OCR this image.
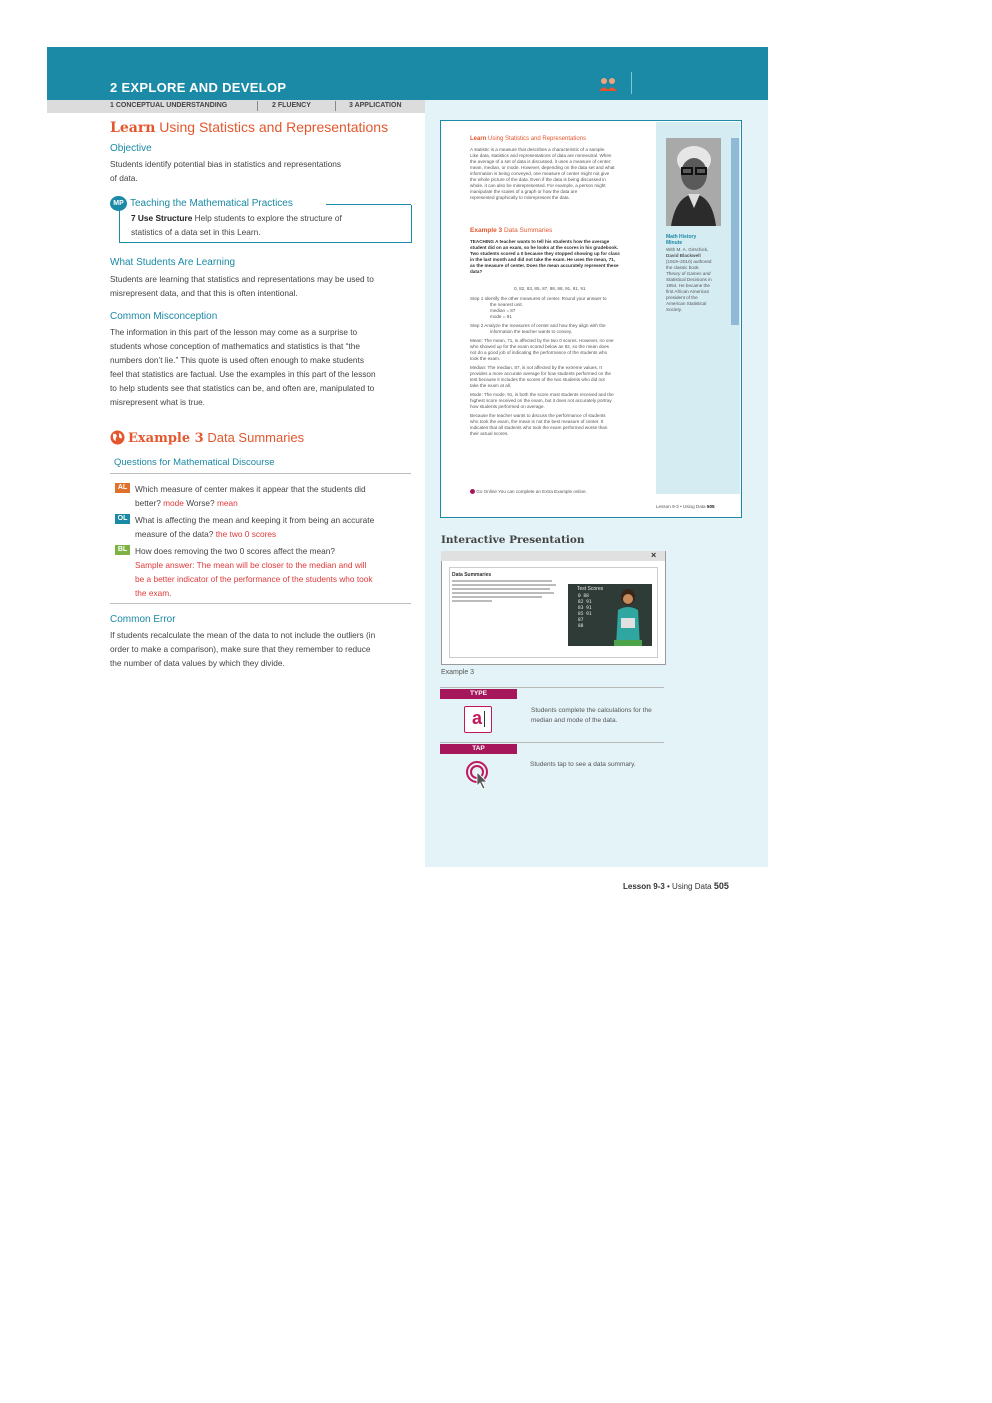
2 EXPLORE AND DEVELOP
1 CONCEPTUAL UNDERSTANDING	2 FLUENCY	3 APPLICATION
Learn Using Statistics and Representations
Objective
Students identify potential bias in statistics and representations
of data.
MP Teaching the Mathematical Practices
7 Use Structure Help students to explore the structure of
statistics of a data set in this Learn.
What Students Are Learning
Students are learning that statistics and representations may be used to
misrepresent data, and that this is often intentional.
Common Misconception
The information in this part of the lesson may come as a surprise to
students whose conception of mathematics and statistics is that “the
numbers don’t lie.” This quote is used often enough to make students
feel that statistics are factual. Use the examples in this part of the lesson
to help students see that statistics can be, and often are, manipulated to
misrepresent what is true.
Example 3 Data Summaries
Questions for Mathematical Discourse
AL Which measure of center makes it appear that the students did
better? mode Worse? mean
OL What is affecting the mean and keeping it from being an accurate
measure of the data? the two 0 scores
BL How does removing the two 0 scores affect the mean?
Sample answer: The mean will be closer to the median and will
be a better indicator of the performance of the students who took
the exam.
Common Error
If students recalculate the mean of the data to not include the outliers (in
order to make a comparison), make sure that they remember to reduce
the number of data values by which they divide.
Learn Using Statistics and Representations
A statistic is a measure that describes a characteristic of a sample.
Like data, statistics and representations of data are nonneutral. When
the average of a set of data is discussed, it uses a measure of center:
mean, median, or mode. However, depending on the data set and what
information is being conveyed, one measure of center might not give
the whole picture of the data. Even if the data is being discussed in
whole, it can also be misrepresented. For example, a person might
manipulate the scales of a graph or how the data are
represented graphically to misrepresent the data.
Example 3 Data Summaries
TEACHING A teacher wants to tell his students how the average
student did on an exam, so he looks at the scores in his gradebook.
Two students scored a 0 because they stopped showing up for class
in the last month and did not take the exam. He uses the mean, 71,
as the measure of center. Does the mean accurately represent these
data?
0, 82, 83, 85, 87, 88, 88, 91, 91, 91
Step 1 Identify the other measures of center. Round your answer to
the nearest unit.
median = 87
mode = 91
Step 2 Analyze the measures of center and how they align with the
information the teacher wants to convey.
Mean: The mean, 71, is affected by the two 0 scores. However, no one
who showed up for the exam scored below an 82, so the mean does
not do a good job of indicating the performance of the students who
took the exam.
Median: The median, 87, is not affected by the extreme values. It
provides a more accurate average for how students performed on the
test because it includes the scores of the two students who did not
take the exam at all.
Mode: The mode, 91, is both the score most students received and the
highest score received on the exam, but it does not accurately portray
how students performed on average.
Because the teacher wants to discuss the performance of students
who took the exam, the mean is not the best measure of center. It
indicates that all students who took the exam performed worse than
their actual scores.
Go Online You can complete an Extra Example online.
Lesson 9-3 • Using Data 505
Math History
Minute
With M. A. Girschick,
David Blackwell
(1919–2010) authored
the classic book
Theory of Games and
Statistical Decisions in
1954. He became the
first African American
president of the
American Statistical
Society.
Interactive Presentation
×
Data Summaries
Test Scores
0 88
82 91
83 91
85 91
87
88
Example 3
TYPE
a	Students complete the calculations for the
median and mode of the data.
TAP
Students tap to see a data summary.
Lesson 9-3 • Using Data 505
